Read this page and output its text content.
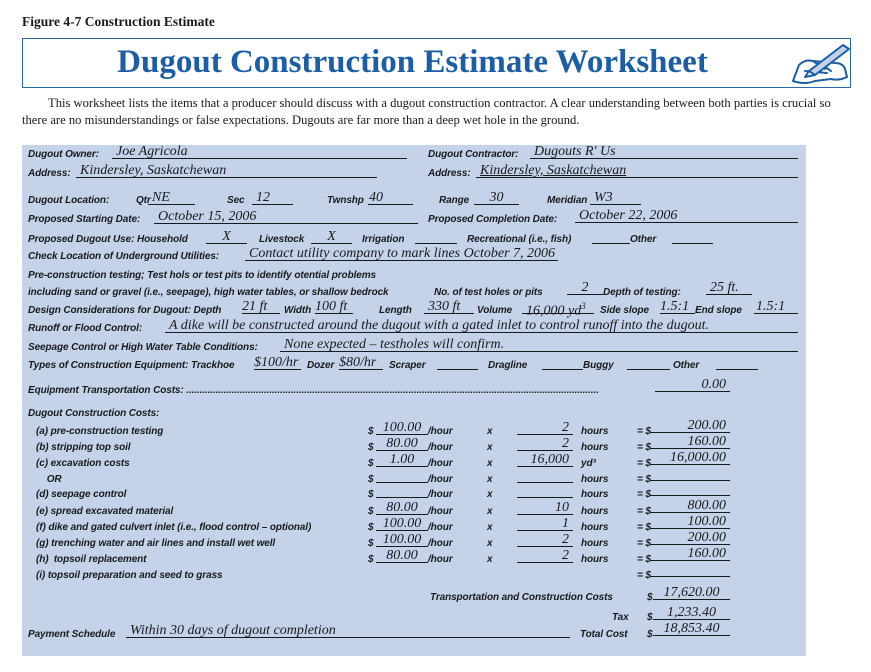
Figure 4-7 Construction Estimate
Dugout Construction Estimate Worksheet
This worksheet lists the items that a producer should discuss with a dugout construction contractor. A clear understanding between both parties is crucial so there are no misunderstandings or false expectations. Dugouts are far more than a deep wet hole in the ground.
Dugout Owner: Joe Agricola	Dugout Contractor: Dugouts R' Us
Address: Kindersley, Saskatchewan	Address: Kindersley, Saskatchewan
Dugout Location:	Qtr NE	Sec 12	Twnshp 40	Range	30	Meridian W3
Proposed Starting Date: October 15, 2006	Proposed Completion Date: October 22, 2006
Proposed Dugout Use: Household	X	Livestock	X	Irrigation	Recreational (i.e., fish)	Other
Check Location of Underground Utilities: Contact utility company to mark lines October 7, 2006
Pre-construction testing; Test hols or test pits to identify otential problems
including sand or gravel (i.e., seepage), high water tables, or shallow bedrock	No. of test holes or pits	2	Depth of testing: 25 ft.
Design Considerations for Dugout: Depth 21 ft	Width 100 ft	Length 330 ft	Volume 16,000 $yd^3$	Side slope 1.5:1 End slope 1.5:1
Runoff or Flood Control: A dike will be constructed around the dugout with a gated inlet to control runoff into the dugout.
Seepage Control or High Water Table Conditions: None expected – testholes will confirm.
Types of Construction Equipment: Trackhoe $100/hr Dozer $80/hr	Scraper	Dragline	Buggy	Other
Equipment Transportation Costs: ..........................................................................................................................................................	0.00
Dugout Construction Costs:
(a) pre-construction testing	$ 100.00 /hour	x	2	hours	= $	200.00
(b) stripping top soil	$ 80.00	/hour	x	2	hours	= $	160.00
(c) excavation costs	$	1.00	/hour	x	16,000	yd³	= $	16,000.00
OR	$	/hour	x	hours	= $
(d) seepage control	$	/hour	x	hours	= $
(e) spread excavated material	$ 80.00	/hour	x	10	hours	= $	800.00
(f) dike and gated culvert inlet (i.e., flood control – optional)	$ 100.00 /hour	x	1	hours	= $	100.00
(g) trenching water and air lines and install wet well	$ 100.00 /hour	x	2	hours	= $	200.00
(h)  topsoil replacement	$ 80.00	/hour	x	2	hours	= $	160.00
(i) topsoil preparation and seed to grass	= $
Transportation and Construction Costs	$ 17,620.00
Tax $	1,233.40
Total Cost $ 18,853.40
Payment Schedule Within 30 days of dugout completion
